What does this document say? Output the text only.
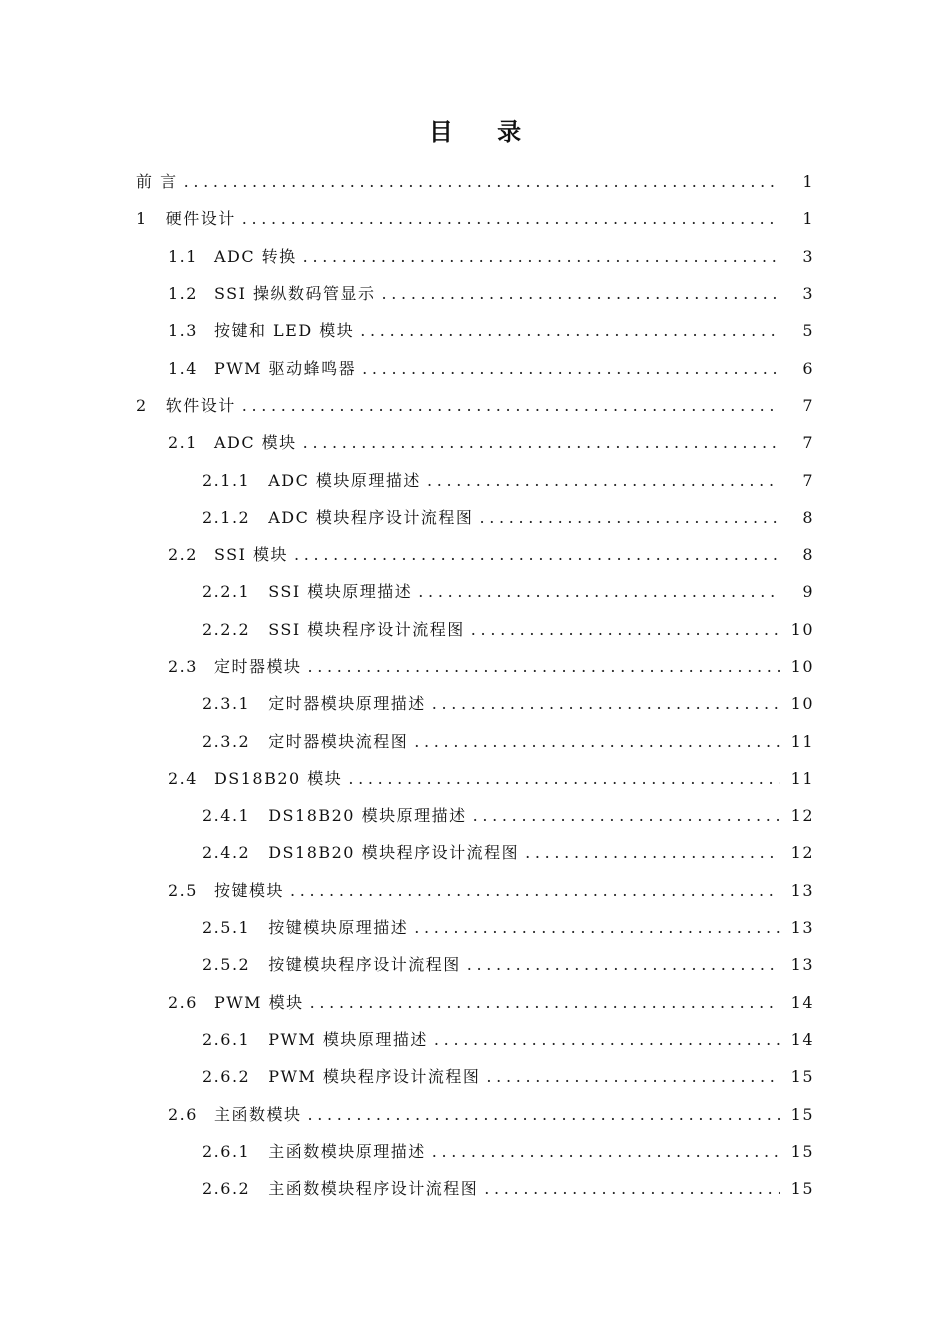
目 录
前 言 . . .	1
1 硬件设计 . . .	1
1.1 ADC 转换 . . .	3
1.2 SSI 操纵数码管显示 . . .	3
1.3 按键和 LED 模块 . . .	5
1.4 PWM 驱动蜂鸣器 . . .	6
2 软件设计 . . .	7
2.1 ADC 模块 . . .	7
2.1.1 ADC 模块原理描述 . . .	7
2.1.2 ADC 模块程序设计流程图 . . .	8
2.2 SSI 模块 . . .	8
2.2.1 SSI 模块原理描述 . . .	9
2.2.2 SSI 模块程序设计流程图 . . .	10
2.3 定时器模块 . . .	10
2.3.1 定时器模块原理描述 . . .	10
2.3.2 定时器模块流程图 . . .	11
2.4 DS18B20 模块 . . .	11
2.4.1 DS18B20 模块原理描述 . . .	12
2.4.2 DS18B20 模块程序设计流程图 . . .	12
2.5 按键模块 . . .	13
2.5.1 按键模块原理描述 . . .	13
2.5.2 按键模块程序设计流程图 . . .	13
2.6 PWM 模块 . . .	14
2.6.1 PWM 模块原理描述 . . .	14
2.6.2 PWM 模块程序设计流程图 . . .	15
2.6 主函数模块 . . .	15
2.6.1 主函数模块原理描述 . . .	15
2.6.2 主函数模块程序设计流程图 . . .	15
